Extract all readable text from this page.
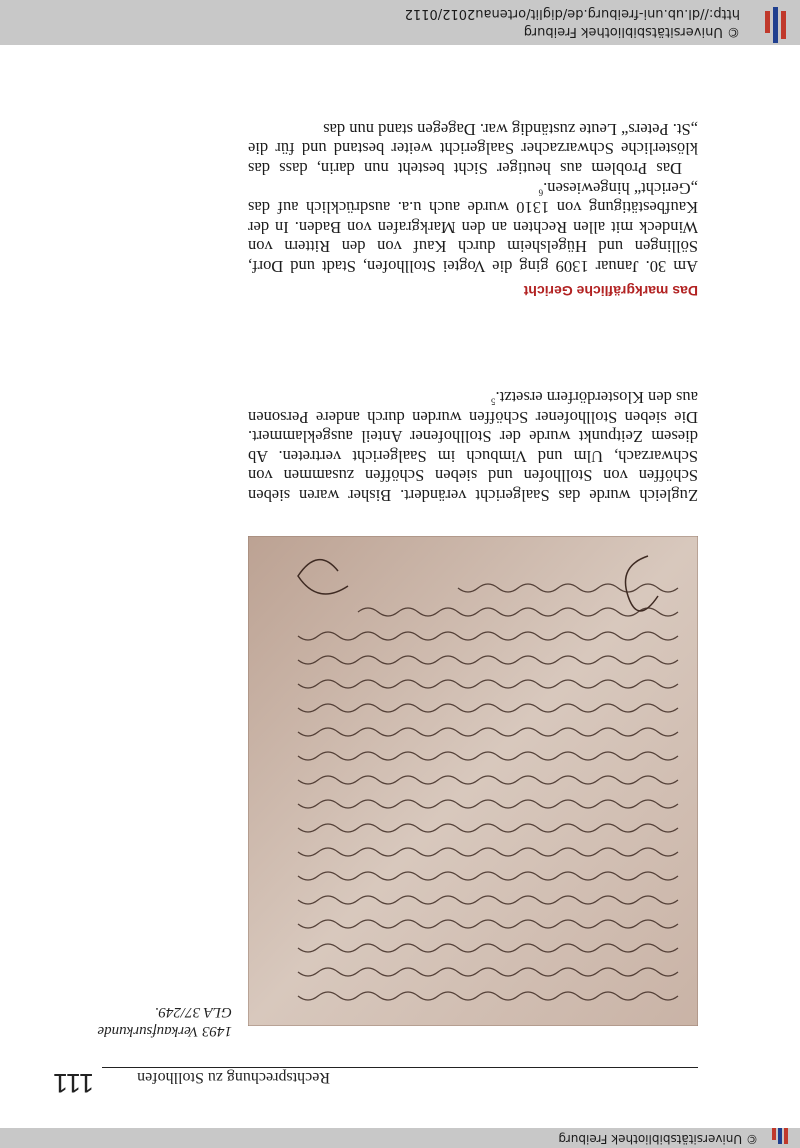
© Universitätsbibliothek Freiburg
Rechtsprechung zu Stollhofen
111
1493 Verkaufsurkunde
GLA 37/249.

Zugleich wurde das Saalgericht verändert. Bisher waren sieben Schöffen von Stollhofen und sieben Schöffen zusammen von Schwarzach, Ulm und Vimbuch im Saalgericht vertreten. Ab diesem Zeitpunkt wurde der Stollhofener Anteil ausgeklammert. Die sieben Stollhofener Schöffen wurden durch andere Personen aus den Klosterdörfern ersetzt.$^5$

Das markgräfliche Gericht

Am 30. Januar 1309 ging die Vogtei Stollhofen, Stadt und Dorf, Söllingen und Hügelsheim durch Kauf von den Rittern von Windeck mit allen Rechten an den Markgrafen von Baden. In der Kaufbestätigung von 1310 wurde auch u.a. ausdrücklich auf das „Gericht“ hingewiesen.$^6$

Das Problem aus heutiger Sicht besteht nun darin, dass das klösterliche Schwarzacher Saalgericht weiter bestand und für die „St. Peters“ Leute zuständig war. Dagegen stand nun das

© Universitätsbibliothek Freiburg
http://dl.ub.uni-freiburg.de/diglit/ortenau2012/0112
